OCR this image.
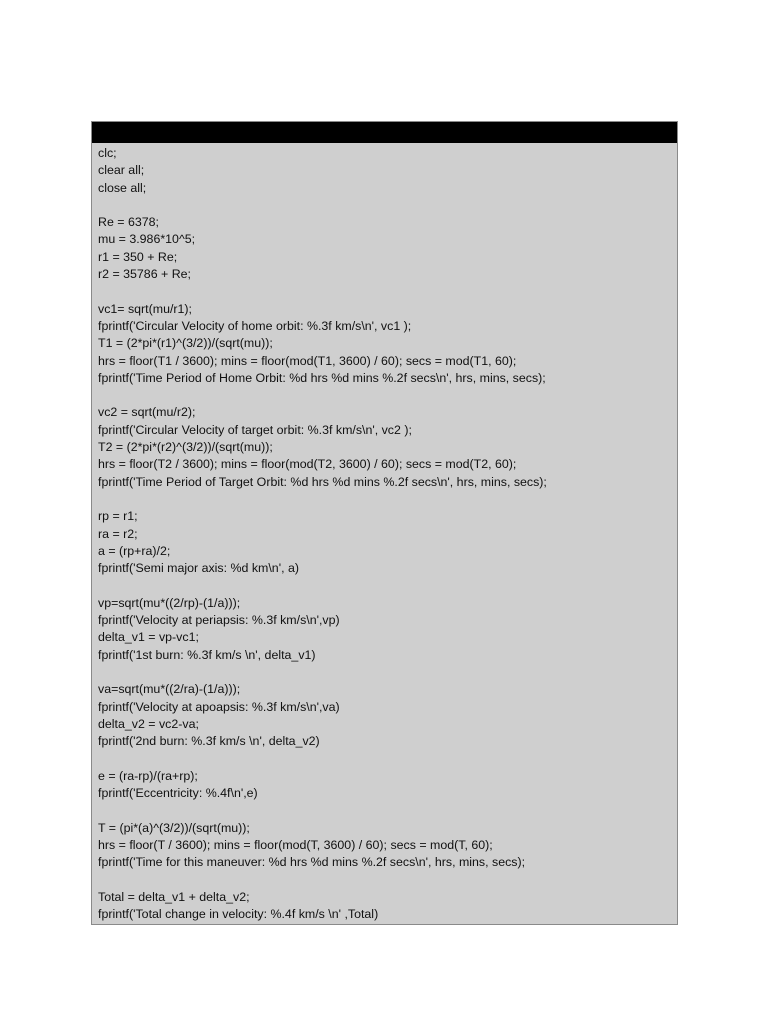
clc;
clear all;
close all;
Re = 6378;
mu = 3.986*10^5;
r1 = 350 + Re;
r2 = 35786 + Re;
vc1= sqrt(mu/r1);
fprintf('Circular Velocity of home orbit: %.3f km/s\n', vc1 );
T1 = (2*pi*(r1)^(3/2))/(sqrt(mu));
hrs = floor(T1 / 3600); mins = floor(mod(T1, 3600) / 60); secs = mod(T1, 60);
fprintf('Time Period of Home Orbit: %d hrs %d mins %.2f secs\n', hrs, mins, secs);
vc2 = sqrt(mu/r2);
fprintf('Circular Velocity of target orbit: %.3f km/s\n', vc2 );
T2 = (2*pi*(r2)^(3/2))/(sqrt(mu));
hrs = floor(T2 / 3600); mins = floor(mod(T2, 3600) / 60); secs = mod(T2, 60);
fprintf('Time Period of Target Orbit: %d hrs %d mins %.2f secs\n', hrs, mins, secs);
rp = r1;
ra = r2;
a = (rp+ra)/2;
fprintf('Semi major axis: %d km\n', a)
vp=sqrt(mu*((2/rp)-(1/a)));
fprintf('Velocity at periapsis: %.3f km/s\n',vp)
delta_v1 = vp-vc1;
fprintf('1st burn: %.3f km/s \n', delta_v1)
va=sqrt(mu*((2/ra)-(1/a)));
fprintf('Velocity at apoapsis: %.3f km/s\n',va)
delta_v2 = vc2-va;
fprintf('2nd burn: %.3f km/s \n', delta_v2)
e = (ra-rp)/(ra+rp);
fprintf('Eccentricity: %.4f\n',e)
T = (pi*(a)^(3/2))/(sqrt(mu));
hrs = floor(T / 3600); mins = floor(mod(T, 3600) / 60); secs = mod(T, 60);
fprintf('Time for this maneuver: %d hrs %d mins %.2f secs\n', hrs, mins, secs);
Total = delta_v1 + delta_v2;
fprintf('Total change in velocity: %.4f km/s \n' ,Total)
